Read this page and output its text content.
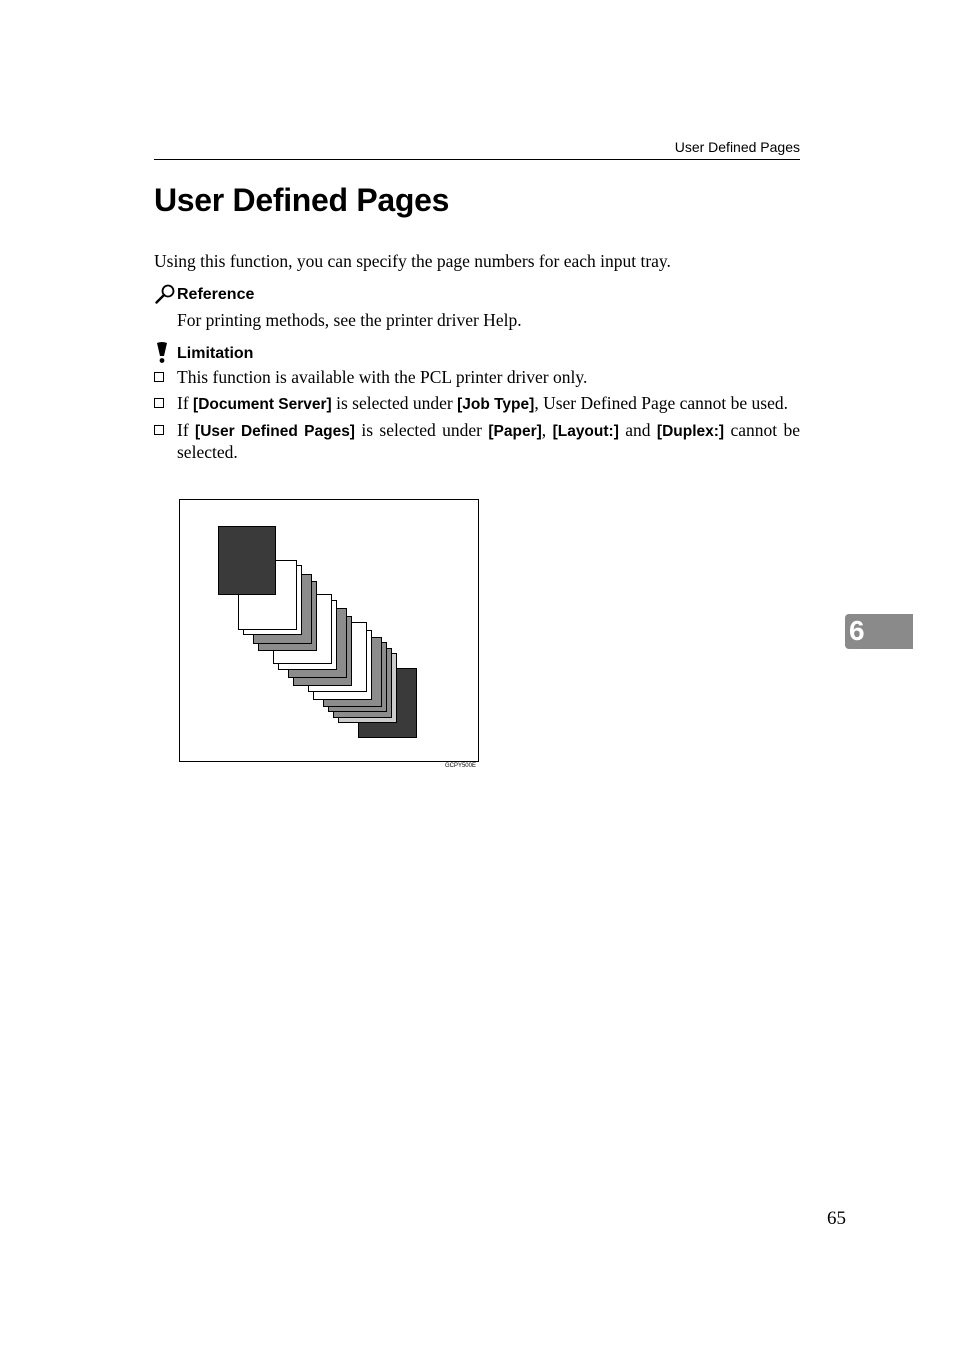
User Defined Pages
User Defined Pages

Using this function, you can specify the page numbers for each input tray.

Reference

For printing methods, see the printer driver Help.

Limitation
This function is available with the PCL printer driver only.
If [Document Server] is selected under [Job Type], User Defined Page cannot be used.
If [User Defined Pages] is selected under [Paper], [Layout:] and [Duplex:] cannot be selected.
GCPY500E
6
65
